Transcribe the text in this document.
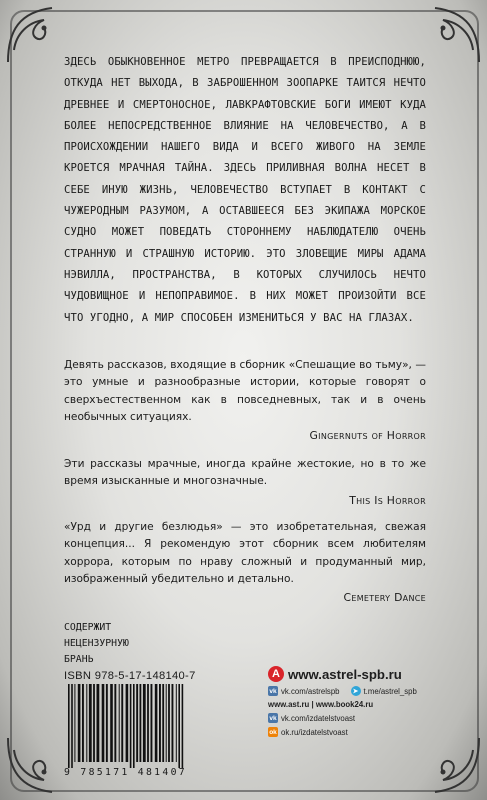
ЗДЕСЬ ОБЫКНОВЕННОЕ МЕТРО ПРЕВРАЩАЕТСЯ В ПРЕИСПОДНЮЮ, ОТКУДА НЕТ ВЫХОДА, В ЗАБРОШЕННОМ ЗООПАРКЕ ТАИТСЯ НЕЧТО ДРЕВНЕЕ И СМЕРТОНОСНОЕ, ЛАВКРАФТОВСКИЕ БОГИ ИМЕЮТ КУДА БОЛЕЕ НЕПОСРЕДСТВЕННОЕ ВЛИЯНИЕ НА ЧЕЛОВЕЧЕСТВО, А В ПРОИСХОЖДЕНИИ НАШЕГО ВИДА И ВСЕГО ЖИВОГО НА ЗЕМЛЕ КРОЕТСЯ МРАЧНАЯ ТАЙНА. ЗДЕСЬ ПРИЛИВНАЯ ВОЛНА НЕСЕТ В СЕБЕ ИНУЮ ЖИЗНЬ, ЧЕЛОВЕЧЕСТВО ВСТУПАЕТ В КОНТАКТ С ЧУЖЕРОДНЫМ РАЗУМОМ, А ОСТАВШЕЕСЯ БЕЗ ЭКИПАЖА МОРСКОЕ СУДНО МОЖЕТ ПОВЕДАТЬ СТОРОННЕМУ НАБЛЮДАТЕЛЮ ОЧЕНЬ СТРАННУЮ И СТРАШНУЮ ИСТОРИЮ. ЭТО ЗЛОВЕЩИЕ МИРЫ АДАМА НЭВИЛЛА, ПРОСТРАНСТВА, В КОТОРЫХ СЛУЧИЛОСЬ НЕЧТО ЧУДОВИЩНОЕ И НЕПОПРАВИМОЕ. В НИХ МОЖЕТ ПРОИЗОЙТИ ВСЕ ЧТО УГОДНО, А МИР СПОСОБЕН ИЗМЕНИТЬСЯ У ВАС НА ГЛАЗАХ.

Девять рассказов, входящие в сборник «Спешащие во тьму», — это умные и разнообразные истории, которые говорят о сверхъестественном как в повседневных, так и в очень необычных ситуациях.

Gingernuts of Horror

Эти рассказы мрачные, иногда крайне жестокие, но в то же время изысканные и многозначные.

This Is Horror

«Урд и другие безлюдья» — это изобретательная, свежая концепция... Я рекомендую этот сборник всем любителям хоррора, которым по нраву сложный и продуманный мир, изображенный убедительно и детально.

Cemetery Dance
СОДЕРЖИТ
НЕЦЕНЗУРНУЮ
БРАНЬ
ISBN 978-5-17-148140-7
9 785171 481407
A www.astrel-spb.ru
vk vk.com/astrelspb	➤ t.me/astrel_spb
www.ast.ru | www.book24.ru
vk vk.com/izdatelstvoast
ok ok.ru/izdatelstvoast
